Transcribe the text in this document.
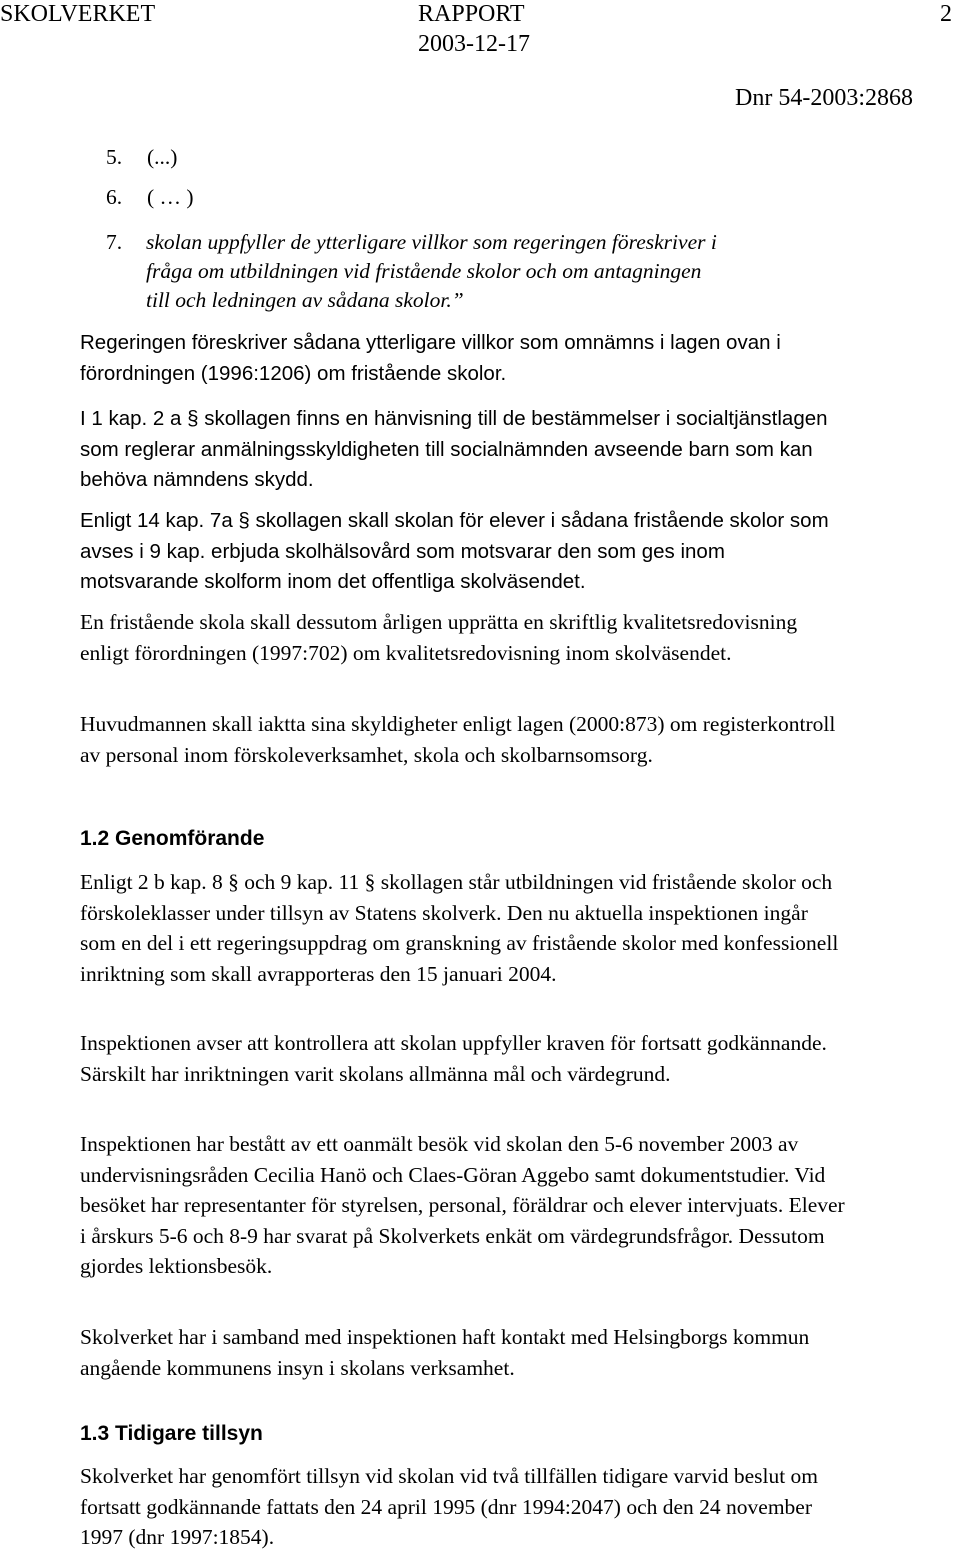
SKOLVERKET	RAPPORT	2
2003-12-17
Dnr 54-2003:2868
5. (...)
6. ( … )
7. skolan uppfyller de ytterligare villkor som regeringen föreskriver i
fråga om utbildningen vid fristående skolor och om antagningen
till och ledningen av sådana skolor.”
Regeringen föreskriver sådana ytterligare villkor som omnämns i lagen ovan i förordningen (1996:1206) om fristående skolor.
I 1 kap. 2 a § skollagen finns en hänvisning till de bestämmelser i socialtjänstlagen som reglerar anmälningsskyldigheten till socialnämnden avseende barn som kan behöva nämndens skydd.
Enligt 14 kap. 7a § skollagen skall skolan för elever i sådana fristående skolor som avses i 9 kap. erbjuda skolhälsovård som motsvarar den som ges inom motsvarande skolform inom det offentliga skolväsendet.
En fristående skola skall dessutom årligen upprätta en skriftlig kvalitetsredovisning enligt förordningen (1997:702) om kvalitetsredovisning inom skolväsendet.
Huvudmannen skall iaktta sina skyldigheter enligt lagen (2000:873) om registerkontroll av personal inom förskoleverksamhet, skola och skolbarnsomsorg.
1.2 Genomförande
Enligt 2 b kap. 8 § och 9 kap. 11 § skollagen står utbildningen vid fristående skolor och förskoleklasser under tillsyn av Statens skolverk. Den nu aktuella inspektionen ingår som en del i ett regeringsuppdrag om granskning av fristående skolor med konfessionell inriktning som skall avrapporteras den 15 januari 2004.
Inspektionen avser att kontrollera att skolan uppfyller kraven för fortsatt godkännande. Särskilt har inriktningen varit skolans allmänna mål och värdegrund.
Inspektionen har bestått av ett oanmält besök vid skolan den 5-6 november 2003 av undervisningsråden Cecilia Hanö och Claes-Göran Aggebo samt dokumentstudier. Vid besöket har representanter för styrelsen, personal, föräldrar och elever intervjuats. Elever i årskurs 5-6 och 8-9 har svarat på Skolverkets enkät om värdegrundsfrågor. Dessutom gjordes lektionsbesök.
Skolverket har i samband med inspektionen haft kontakt med Helsingborgs kommun angående kommunens insyn i skolans verksamhet.
1.3 Tidigare tillsyn
Skolverket har genomfört tillsyn vid skolan vid två tillfällen tidigare varvid beslut om fortsatt godkännande fattats den 24 april 1995 (dnr 1994:2047) och den 24 november 1997 (dnr 1997:1854).
